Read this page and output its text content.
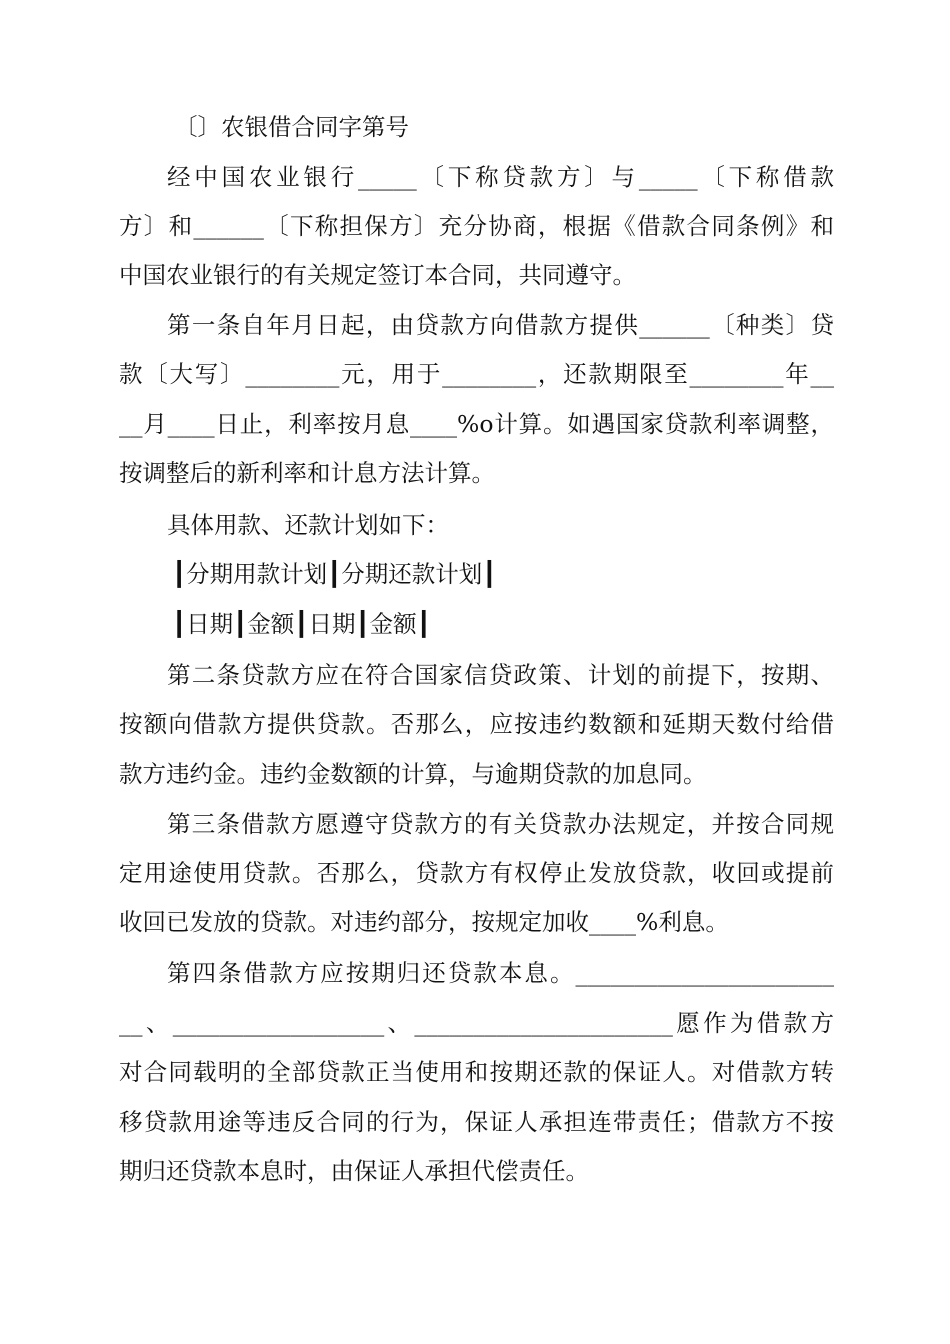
〔〕农银借合同字第号
经中国农业银行_____〔下称贷款方〕与_____〔下称借款
方〕和______〔下称担保方〕充分协商，根据《借款合同条例》和
中国农业银行的有关规定签订本合同，共同遵守。
第一条自年月日起，由贷款方向借款方提供______〔种类〕贷
款〔大写〕________元，用于________，还款期限至________年__
__月____日止，利率按月息____%o计算。如遇国家贷款利率调整，
按调整后的新利率和计息方法计算。
具体用款、还款计划如下：
┃分期用款计划┃分期还款计划┃
┃日期┃金额┃日期┃金额┃
第二条贷款方应在符合国家信贷政策、计划的前提下，按期、
按额向借款方提供贷款。否那么，应按违约数额和延期天数付给借
款方违约金。违约金数额的计算，与逾期贷款的加息同。
第三条借款方愿遵守贷款方的有关贷款办法规定，并按合同规
定用途使用贷款。否那么，贷款方有权停止发放贷款，收回或提前
收回已发放的贷款。对违约部分，按规定加收____%利息。
第四条借款方应按期归还贷款本息。______________________
__、__________________、______________________愿作为借款方
对合同载明的全部贷款正当使用和按期还款的保证人。对借款方转
移贷款用途等违反合同的行为，保证人承担连带责任；借款方不按
期归还贷款本息时，由保证人承担代偿责任。
